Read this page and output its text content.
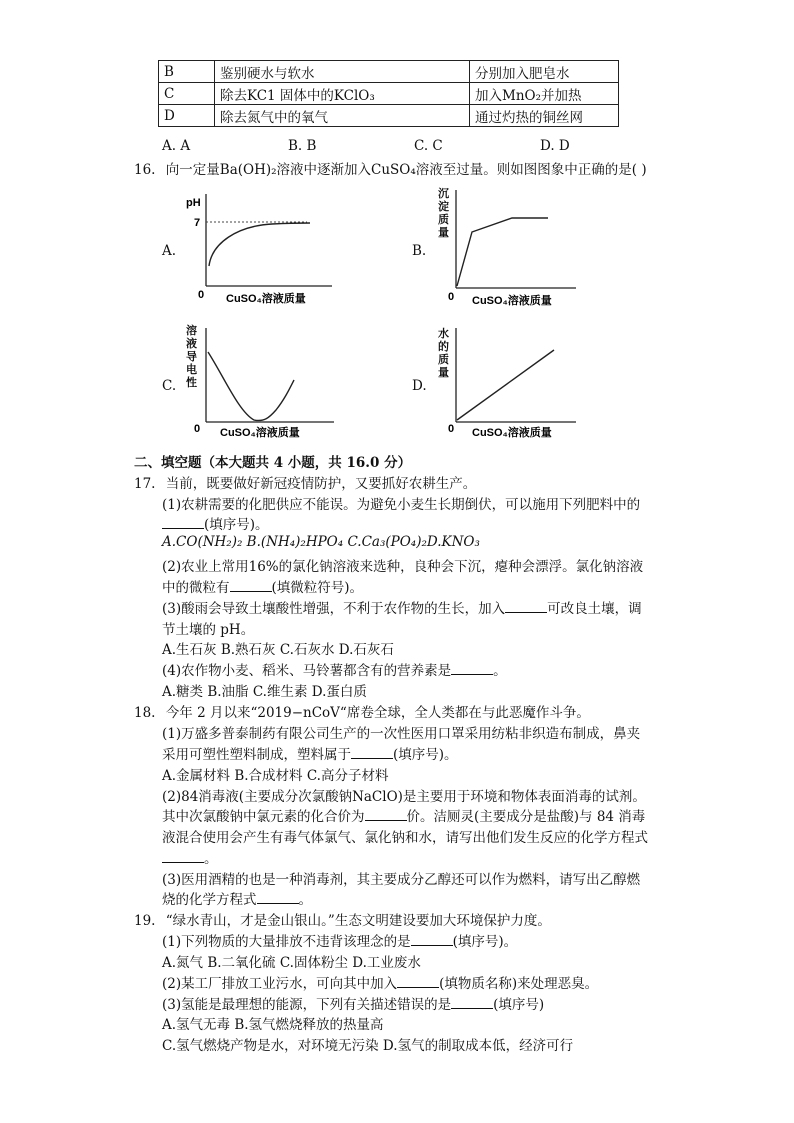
B	鉴别硬水与软水	分别加入肥皂水
C	除去KC1 固体中的KClO₃	加入MnO₂并加热
D	除去氮气中的氧气	通过灼热的铜丝网
A. A	B. B	C. C	D. D
16. 向一定量Ba(OH)₂溶液中逐渐加入CuSO₄溶液至过量。则如图图象中正确的是( )
A.
pH
7
0 CuSO₄溶液质量
B.
0 CuSO₄溶液质量
沉淀质量
C.
0 CuSO₄溶液质量
溶液导电性	D.
0 CuSO₄溶液质量
水的质量
二、填空题（本大题共 4 小题，共 16.0 分）
17. 当前，既要做好新冠疫情防护，又要抓好农耕生产。
(1)农耕需要的化肥供应不能误。为避免小麦生长期倒伏，可以施用下列肥料中的
(填序号)。
A.CO(NH₂)₂ B.(NH₄)₂HPO₄ C.Ca₃(PO₄)₂D.KNO₃
(2)农业上常用16%的氯化钠溶液来选种，良种会下沉，瘪种会漂浮。氯化钠溶液
中的微粒有	(填微粒符号)。
(3)酸雨会导致土壤酸性增强，不利于农作物的生长，加入	可改良土壤，调
节土壤的 pH。
A.生石灰 B.熟石灰 C.石灰水 D.石灰石
(4)农作物小麦、稻米、马铃薯都含有的营养素是	。
A.糖类 B.油脂 C.维生素 D.蛋白质
18. 今年 2 月以来“2019−nCoV“席卷全球，全人类都在与此恶魔作斗争。
(1)万盛多普泰制药有限公司生产的一次性医用口罩采用纺粘非织造布制成，鼻夹
采用可塑性塑料制成，塑料属于	(填序号)。
A.金属材料 B.合成材料 C.高分子材料
(2)84消毒液(主要成分次氯酸钠NaClO)是主要用于环境和物体表面消毒的试剂。
其中次氯酸钠中氯元素的化合价为	价。洁厕灵(主要成分是盐酸)与 84 消毒
液混合使用会产生有毒气体氯气、氯化钠和水，请写出他们发生反应的化学方程式
。
(3)医用酒精的也是一种消毒剂，其主要成分乙醇还可以作为燃料，请写出乙醇燃
烧的化学方程式	。
19. “绿水青山，才是金山银山。”生态文明建设要加大环境保护力度。
(1)下列物质的大量排放不违背该理念的是	(填序号)。
A.氮气 B.二氧化硫 C.固体粉尘 D.工业废水
(2)某工厂排放工业污水，可向其中加入	(填物质名称)来处理恶臭。
(3)氢能是最理想的能源，下列有关描述错误的是	(填序号)
A.氢气无毒 B.氢气燃烧释放的热量高
C.氢气燃烧产物是水，对环境无污染 D.氢气的制取成本低，经济可行
